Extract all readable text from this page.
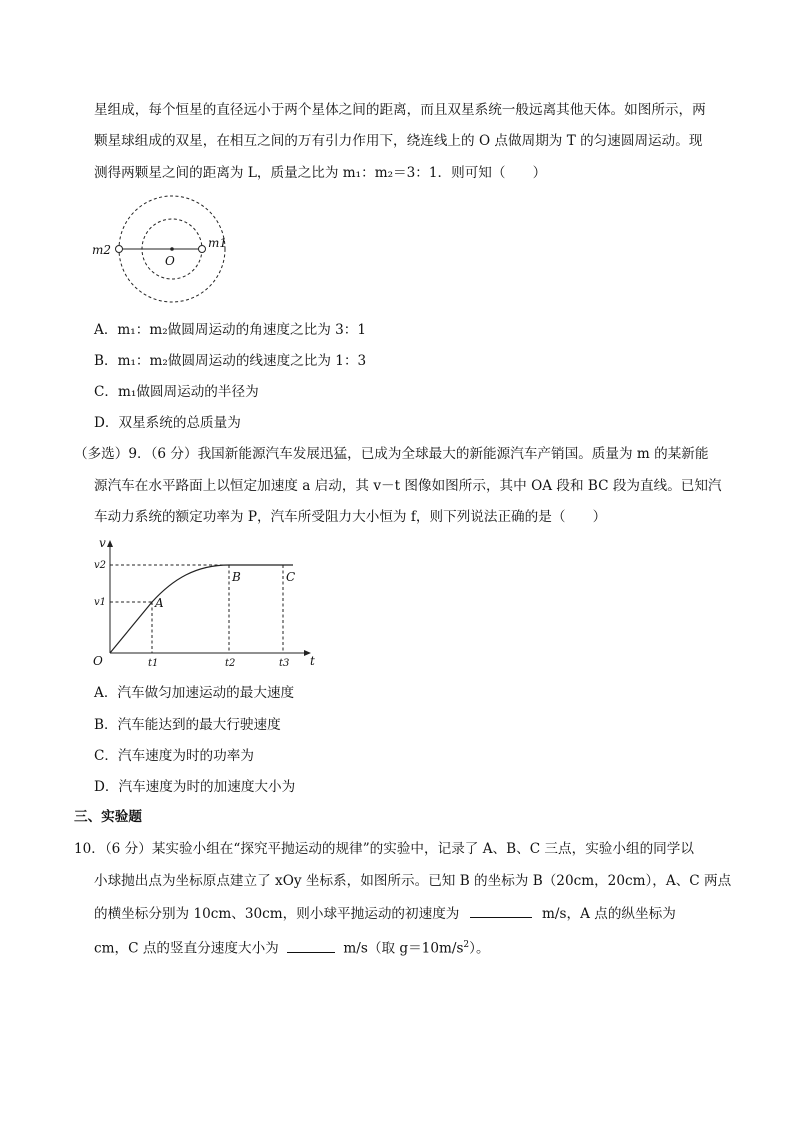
星组成，每个恒星的直径远小于两个星体之间的距离，而且双星系统一般远离其他天体。如图所示，两
颗星球组成的双星，在相互之间的万有引力作用下，绕连线上的 O 点做周期为 T 的匀速圆周运动。现
测得两颗星之间的距离为 L，质量之比为 m₁：m₂＝3：1．则可知（　　）
m2
O
m1
A．m₁：m₂做圆周运动的角速度之比为 3：1
B．m₁：m₂做圆周运动的线速度之比为 1：3
C．m₁做圆周运动的半径为
D．双星系统的总质量为
（多选）9．（6 分）我国新能源汽车发展迅猛，已成为全球最大的新能源汽车产销国。质量为 m 的某新能
源汽车在水平路面上以恒定加速度 a 启动，其 v－t 图像如图所示，其中 OA 段和 BC 段为直线。已知汽
车动力系统的额定功率为 P，汽车所受阻力大小恒为 f，则下列说法正确的是（　　）
v
t
O
v2
v1
t1	t2	t3
A
B	C
A．汽车做匀加速运动的最大速度
B．汽车能达到的最大行驶速度
C．汽车速度为时的功率为
D．汽车速度为时的加速度大小为
三、实验题
10．（6 分）某实验小组在“探究平抛运动的规律”的实验中，记录了 A、B、C 三点，实验小组的同学以
小球抛出点为坐标原点建立了 xOy 坐标系，如图所示。已知 B 的坐标为 B（20cm，20cm），A、C 两点
的横坐标分别为 10cm、30cm，则小球平抛运动的初速度为	m/s，A 点的纵坐标为
cm，C 点的竖直分速度大小为	m/s（取 $g=10m/s^2$）。
